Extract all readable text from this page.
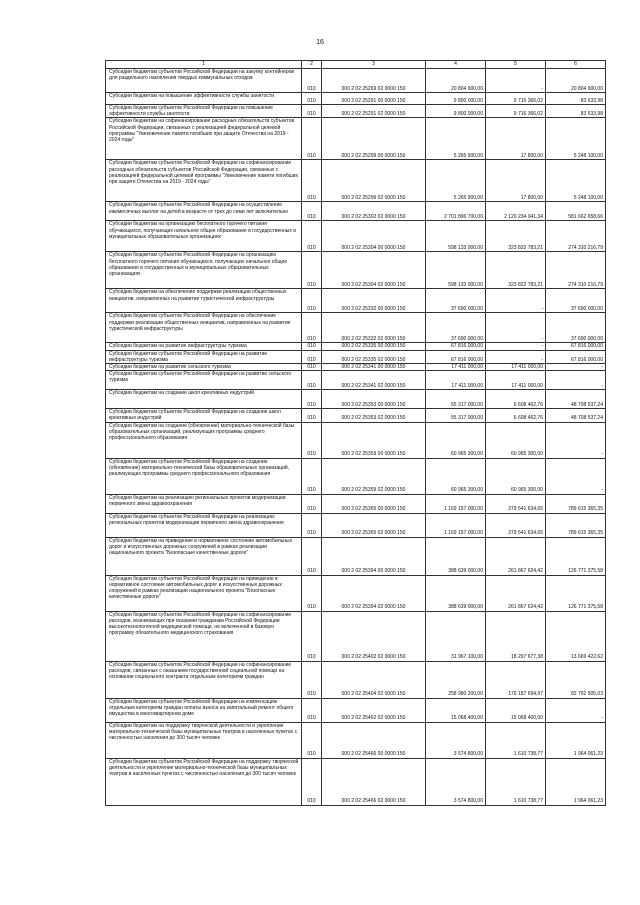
16
1	2	3	4	5	6
Субсидии бюджетам субъектов Российской Федерации на закупку контейнеров для раздельного накопления твердых коммунальных отходов	010	000 2 02 25269 02 0000 150	20 804 900,00	-	20 804 900,00
Субсидии бюджетам на повышение эффективности службы занятости	010	000 2 02 25291 00 0000 150	9 800 000,00	9 716 366,02	83 633,98
Субсидии бюджетам субъектов Российской Федерации на повышение эффективности службы занятости	010	000 2 02 25291 02 0000 150	9 800 000,00	9 716 366,02	83 633,98
Субсидии бюджетам на софинансирование расходных обязательств субъектов Российской Федерации, связанных с реализацией федеральной целевой программы "Увековечение памяти погибших при защите Отечества на 2019 - 2024 годы"	010	000 2 02 25299 00 0000 150	5 265 900,00	17 800,00	5 248 100,00
Субсидии бюджетам субъектов Российской Федерации на софинансирование расходных обязательств субъектов Российской Федерации, связанных с реализацией федеральной целевой программы "Увековечение памяти погибших при защите Отечества на 2019 - 2024 годы"	010	000 2 02 25299 02 0000 150	5 265 900,00	17 800,00	5 248 100,00
Субсидии бюджетам субъектов Российской Федерации на осуществление ежемесячных выплат на детей в возрасте от трех до семи лет включительно	010	000 2 02 25302 02 0000 150	2 701 896 700,00	2 120 234 041,34	581 662 658,66
Субсидии бюджетам на организацию бесплатного горячего питания обучающихся, получающих начальное общее образование в государственных и муниципальных образовательных организациях	010	000 2 02 25304 00 0000 150	598 133 000,00	323 822 783,21	274 310 216,79
Субсидии бюджетам субъектов Российской Федерации на организацию бесплатного горячего питания обучающихся, получающих начальное общее образование в государственных и муниципальных образовательных организациях	010	000 2 02 25304 02 0000 150	598 133 000,00	323 822 783,21	274 310 216,79
Субсидии бюджетам на обеспечение поддержки реализации общественных инициатив, направленных на развитие туристической инфраструктуры	010	000 2 02 25332 00 0000 150	37 690 000,00	-	37 690 000,00
Субсидии бюджетам субъектов Российской Федерации на обеспечение поддержки реализации общественных инициатив, направленных на развитие туристической инфраструктуры	010	000 2 02 25332 02 0000 150	37 690 000,00	-	37 690 000,00
Субсидии бюджетам на развитие инфраструктуры туризма	010	000 2 02 25335 00 0000 150	67 816 000,00	-	67 816 000,00
Субсидии бюджетам субъектов Российской Федерации на развитие инфраструктуры туризма	010	000 2 02 25335 02 0000 150	67 816 000,00	-	67 816 000,00
Субсидии бюджетам на развитие сельского туризма	010	000 2 02 25341 00 0000 150	17 411 000,00	17 411 000,00	-
Субсидии бюджетам субъектов Российской Федерации на развитие сельского туризма	010	000 2 02 25341 02 0000 150	17 411 000,00	17 411 000,00	-
Субсидии бюджетам на создание школ креативных индустрий	010	000 2 02 25353 00 0000 150	55 317 000,00	6 608 462,76	48 708 537,24
Субсидии бюджетам субъектов Российской Федерации на создание школ креативных индустрий	010	000 2 02 25353 02 0000 150	55 317 000,00	6 608 462,76	48 708 537,24
Субсидии бюджетам на создание (обновление) материально-технической базы образовательных организаций, реализующих программы среднего профессионального образования	010	000 2 02 25359 00 0000 150	60 965 300,00	60 965 300,00	-
Субсидии бюджетам субъектов Российской Федерации на создание (обновление) материально-технической базы образовательных организаций, реализующих программы среднего профессионального образования	010	000 2 02 25359 02 0000 150	60 965 300,00	60 965 300,00	-
Субсидии бюджетам на реализацию региональных проектов модернизации первичного звена здравоохранения	010	000 2 02 25365 00 0000 150	1 169 157 000,00	379 541 634,65	789 615 365,35
Субсидии бюджетам субъектов Российской Федерации на реализацию региональных проектов модернизации первичного звена здравоохранения	010	000 2 02 25365 02 0000 150	1 169 157 000,00	379 541 634,65	789 615 365,35
Субсидии бюджетам на приведение в нормативное состояние автомобильных дорог и искусственных дорожных сооружений в рамках реализации национального проекта "Безопасные качественные дороги"	010	000 2 02 25394 00 0000 150	388 639 000,00	261 867 624,42	126 771 375,58
Субсидии бюджетам субъектов Российской Федерации на приведение в нормативное состояние автомобильных дорог и искусственных дорожных сооружений в рамках реализации национального проекта "Безопасные качественные дороги"	010	000 2 02 25394 02 0000 150	388 639 000,00	261 867 624,42	126 771 375,58
Субсидии бюджетам субъектов Российской Федерации на софинансирование расходов, возникающих при оказании гражданам Российской Федерации высокотехнологичной медицинской помощи, не включенной в базовую программу обязательного медицинского страхования	010	000 2 02 25402 02 0000 150	31 967 100,00	18 297 677,38	13 669 422,62
Субсидии бюджетам субъектов Российской Федерации на софинансирование расходов, связанных с оказанием государственной социальной помощи на основании социального контракта отдельным категориям граждан	010	000 2 02 25404 02 0000 150	258 980 200,00	176 187 694,97	82 792 505,03
Субсидии бюджетам субъектов Российской Федерации на компенсацию отдельным категориям граждан оплаты взноса на капитальный ремонт общего имущества в многоквартирном доме	010	000 2 02 25462 02 0000 150	15 068 400,00	15 068 400,00	-
Субсидии бюджетам на поддержку творческой деятельности и укрепление материально-технической базы муниципальных театров в населенных пунктах с численностью населения до 300 тысяч человек	010	000 2 02 25466 00 0000 150	3 574 800,00	1 610 738,77	1 964 061,23
Субсидии бюджетам субъектов Российской Федерации на поддержку творческой деятельности и укрепление материально-технической базы муниципальных театров в населенных пунктах с численностью населения до 300 тысяч человек	010	000 2 02 25466 02 0000 150	3 574 800,00	1 610 738,77	1 964 061,23
